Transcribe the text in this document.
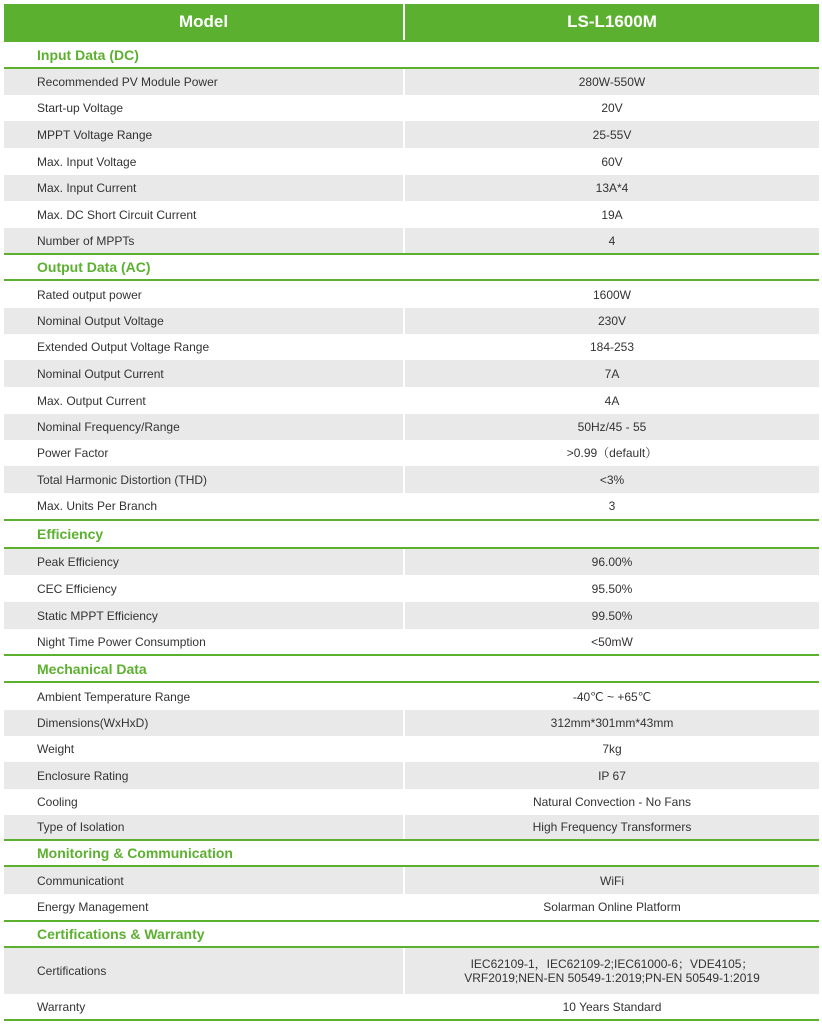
Model	LS-L1600M
Input Data (DC)
Recommended PV Module Power	280W-550W
Start-up Voltage	20V
MPPT Voltage Range	25-55V
Max. Input Voltage	60V
Max. Input Current	13A*4
Max. DC Short Circuit Current	19A
Number of MPPTs	4
Output Data (AC)
Rated output power	1600W
Nominal Output Voltage	230V
Extended Output Voltage Range	184-253
Nominal Output Current	7A
Max. Output Current	4A
Nominal Frequency/Range	50Hz/45 - 55
Power Factor	>0.99（default）
Total Harmonic Distortion (THD)	<3%
Max. Units Per Branch	3
Efficiency
Peak Efficiency	96.00%
CEC Efficiency	95.50%
Static MPPT Efficiency	99.50%
Night Time Power Consumption	<50mW
Mechanical Data
Ambient Temperature Range	-40℃ ~ +65℃
Dimensions(WxHxD)	312mm*301mm*43mm
Weight	7kg
Enclosure Rating	IP 67
Cooling	Natural Convection - No Fans
Type of Isolation	High Frequency Transformers
Monitoring & Communication
Communicationt	WiFi
Energy Management	Solarman Online Platform
Certifications & Warranty
Certifications	IEC62109-1，IEC62109-2;IEC61000-6；VDE4105；
VRF2019;NEN-EN 50549-1:2019;PN-EN 50549-1:2019
Warranty	10 Years Standard
